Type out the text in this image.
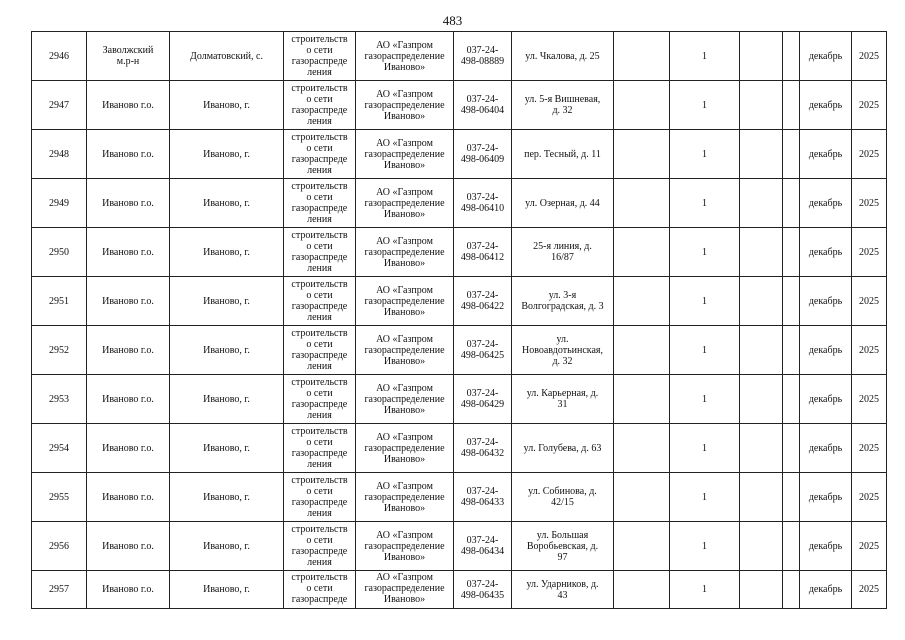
483
2946	Заволжский
м.р-н	Долматовский, с.	строительств
о сети
газораспреде
ления	АО «Газпром
газораспределение
Иваново»	037-24-
498-08889	ул. Чкалова, д. 25		1			декабрь	2025
2947	Иваново г.о.	Иваново, г.	строительств
о сети
газораспреде
ления	АО «Газпром
газораспределение
Иваново»	037-24-
498-06404	ул. 5-я Вишневая,
д. 32		1			декабрь	2025
2948	Иваново г.о.	Иваново, г.	строительств
о сети
газораспреде
ления	АО «Газпром
газораспределение
Иваново»	037-24-
498-06409	пер. Тесный, д. 11		1			декабрь	2025
2949	Иваново г.о.	Иваново, г.	строительств
о сети
газораспреде
ления	АО «Газпром
газораспределение
Иваново»	037-24-
498-06410	ул. Озерная, д. 44		1			декабрь	2025
2950	Иваново г.о.	Иваново, г.	строительств
о сети
газораспреде
ления	АО «Газпром
газораспределение
Иваново»	037-24-
498-06412	25-я линия, д.
16/87		1			декабрь	2025
2951	Иваново г.о.	Иваново, г.	строительств
о сети
газораспреде
ления	АО «Газпром
газораспределение
Иваново»	037-24-
498-06422	ул. 3-я
Волгоградская, д. 3		1			декабрь	2025
2952	Иваново г.о.	Иваново, г.	строительств
о сети
газораспреде
ления	АО «Газпром
газораспределение
Иваново»	037-24-
498-06425	ул.
Новоавдотьинская,
д. 32		1			декабрь	2025
2953	Иваново г.о.	Иваново, г.	строительств
о сети
газораспреде
ления	АО «Газпром
газораспределение
Иваново»	037-24-
498-06429	ул. Карьерная, д.
31		1			декабрь	2025
2954	Иваново г.о.	Иваново, г.	строительств
о сети
газораспреде
ления	АО «Газпром
газораспределение
Иваново»	037-24-
498-06432	ул. Голубева, д. 63		1			декабрь	2025
2955	Иваново г.о.	Иваново, г.	строительств
о сети
газораспреде
ления	АО «Газпром
газораспределение
Иваново»	037-24-
498-06433	ул. Собинова, д.
42/15		1			декабрь	2025
2956	Иваново г.о.	Иваново, г.	строительств
о сети
газораспреде
ления	АО «Газпром
газораспределение
Иваново»	037-24-
498-06434	ул. Большая
Воробьевская, д.
97		1			декабрь	2025
2957	Иваново г.о.	Иваново, г.	строительств
о сети
газораспреде	АО «Газпром
газораспределение
Иваново»	037-24-
498-06435	ул. Ударников, д.
43		1			декабрь	2025
